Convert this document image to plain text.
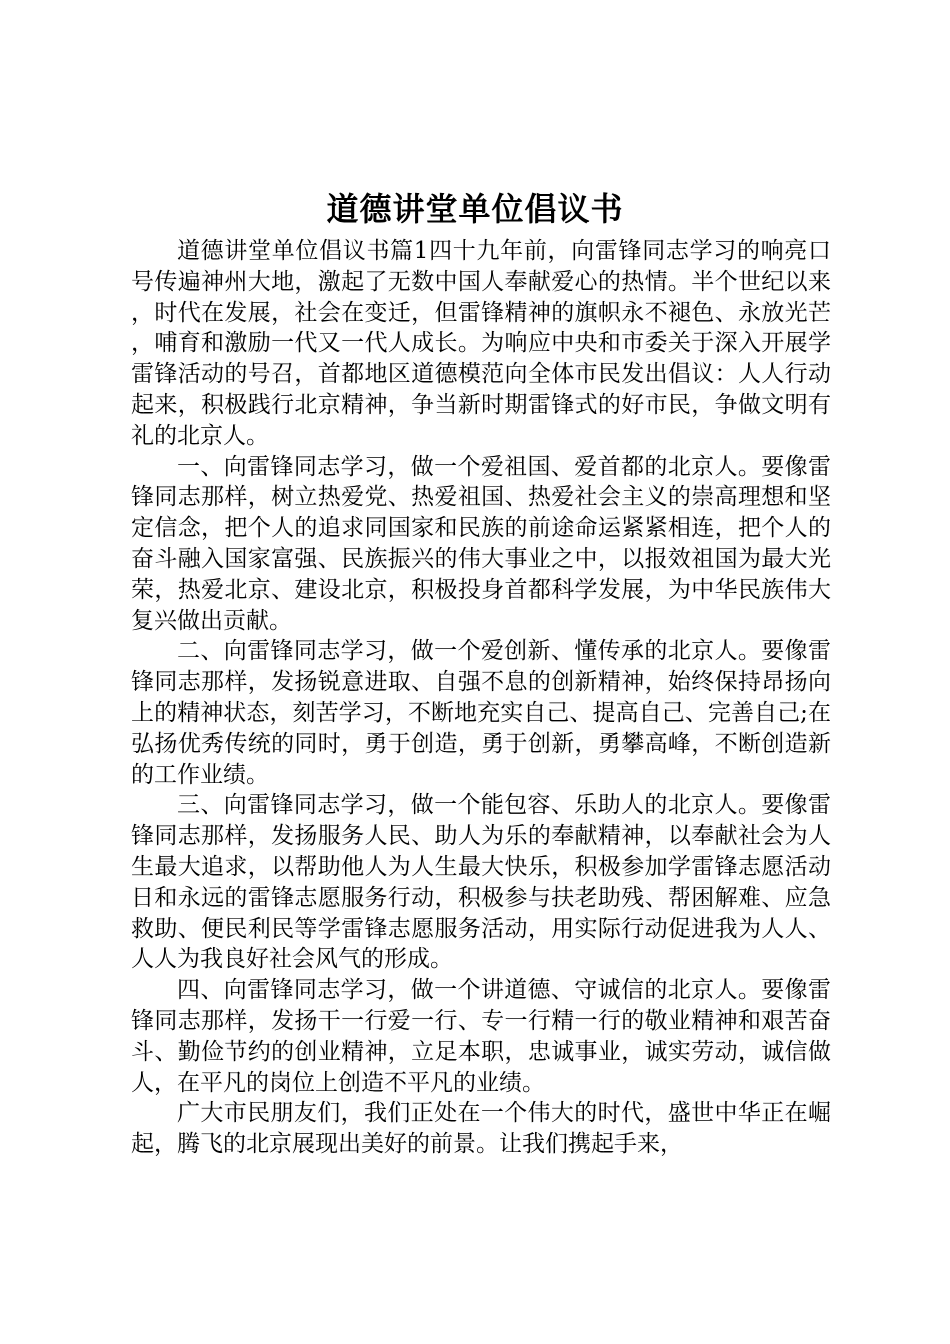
道德讲堂单位倡议书

道德讲堂单位倡议书篇1四十九年前，向雷锋同志学习的响亮口号传遍神州大地，激起了无数中国人奉献爱心的热情。半个世纪以来，时代在发展，社会在变迁，但雷锋精神的旗帜永不褪色、永放光芒，哺育和激励一代又一代人成长。为响应中央和市委关于深入开展学雷锋活动的号召，首都地区道德模范向全体市民发出倡议：人人行动起来，积极践行北京精神，争当新时期雷锋式的好市民，争做文明有礼的北京人。

一、向雷锋同志学习，做一个爱祖国、爱首都的北京人。要像雷锋同志那样，树立热爱党、热爱祖国、热爱社会主义的崇高理想和坚定信念，把个人的追求同国家和民族的前途命运紧紧相连，把个人的奋斗融入国家富强、民族振兴的伟大事业之中，以报效祖国为最大光荣，热爱北京、建设北京，积极投身首都科学发展，为中华民族伟大复兴做出贡献。

二、向雷锋同志学习，做一个爱创新、懂传承的北京人。要像雷锋同志那样，发扬锐意进取、自强不息的创新精神，始终保持昂扬向上的精神状态，刻苦学习，不断地充实自己、提高自己、完善自己;在弘扬优秀传统的同时，勇于创造，勇于创新，勇攀高峰，不断创造新的工作业绩。

三、向雷锋同志学习，做一个能包容、乐助人的北京人。要像雷锋同志那样，发扬服务人民、助人为乐的奉献精神，以奉献社会为人生最大追求，以帮助他人为人生最大快乐，积极参加学雷锋志愿活动日和永远的雷锋志愿服务行动，积极参与扶老助残、帮困解难、应急救助、便民利民等学雷锋志愿服务活动，用实际行动促进我为人人、人人为我良好社会风气的形成。

四、向雷锋同志学习，做一个讲道德、守诚信的北京人。要像雷锋同志那样，发扬干一行爱一行、专一行精一行的敬业精神和艰苦奋斗、勤俭节约的创业精神，立足本职，忠诚事业，诚实劳动，诚信做人，在平凡的岗位上创造不平凡的业绩。

广大市民朋友们，我们正处在一个伟大的时代，盛世中华正在崛起，腾飞的北京展现出美好的前景。让我们携起手来，
